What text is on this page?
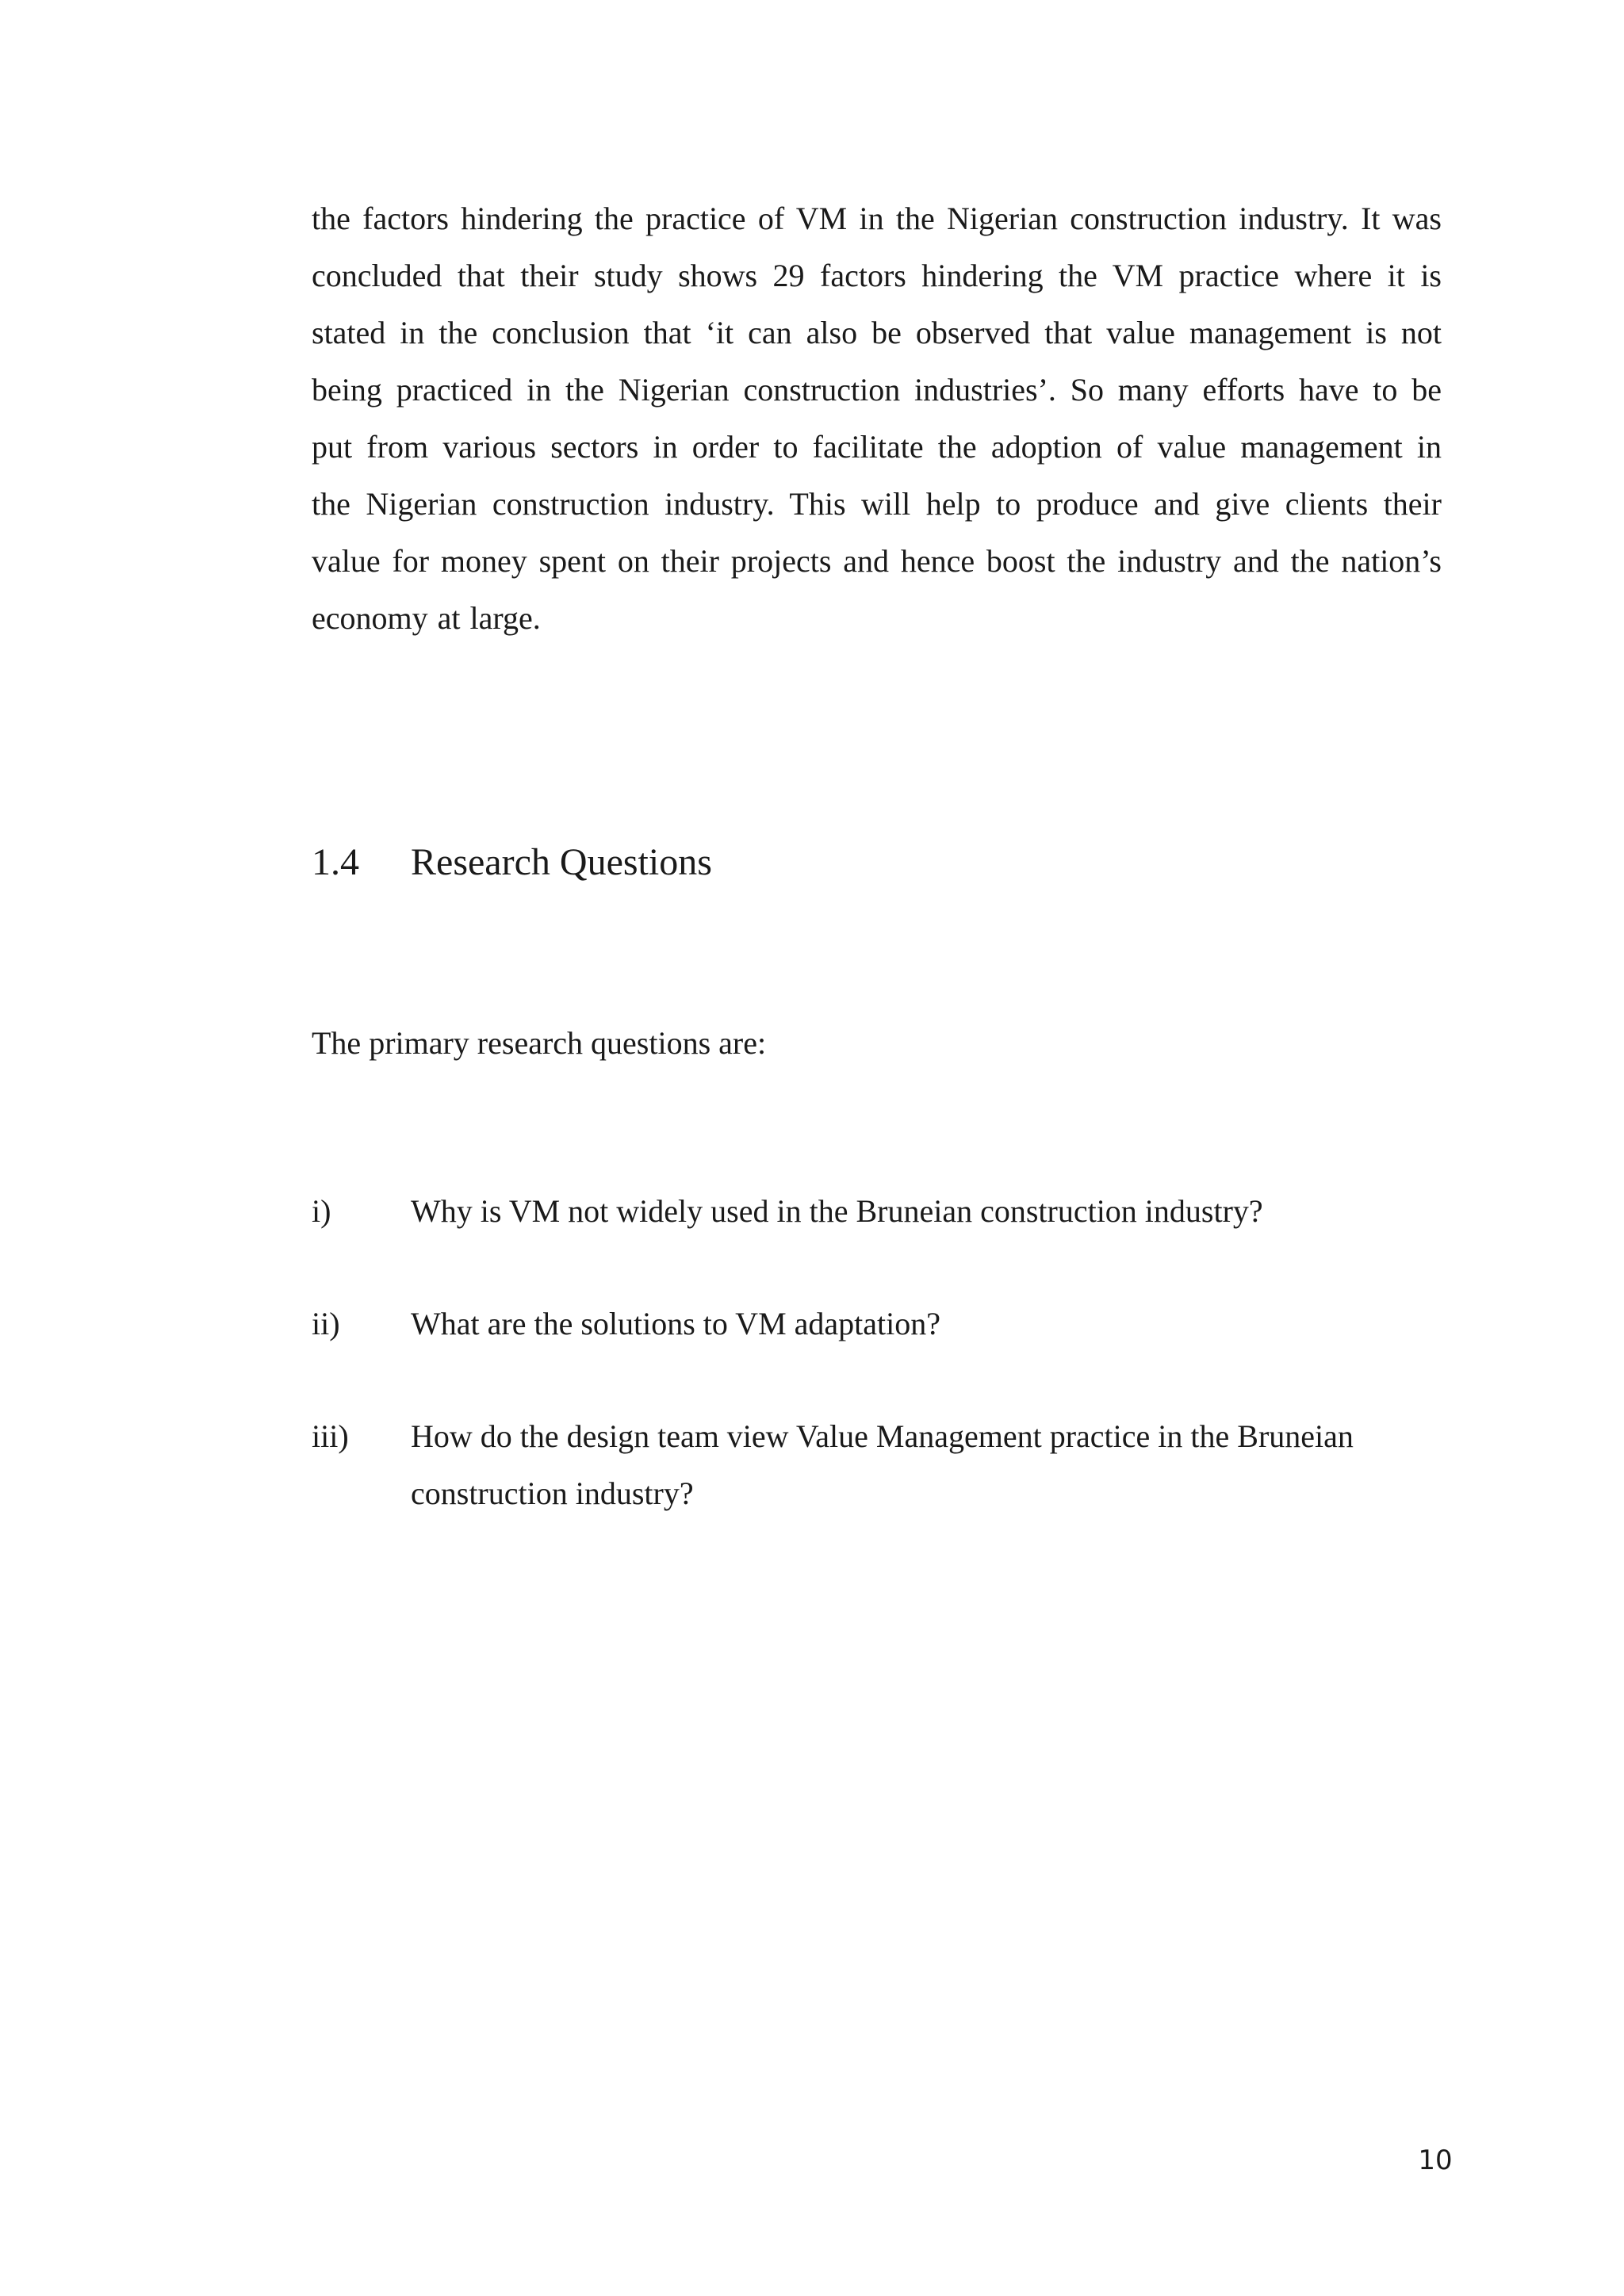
the factors hindering the practice of VM in the Nigerian construction industry. It was
concluded that their study shows 29 factors hindering the VM practice where it is
stated in the conclusion that ‘it can also be observed that value management is not
being practiced in the Nigerian construction industries’. So many efforts have to be
put from various sectors in order to facilitate the adoption of value management in
the Nigerian construction industry. This will help to produce and give clients their
value for money spent on their projects and hence boost the industry and the nation’s
economy at large.
1.4 Research Questions
The primary research questions are:
i)	Why is VM not widely used in the Bruneian construction industry?
ii) What are the solutions to VM adaptation?
iii) How do the design team view Value Management practice in the Bruneian
construction industry?
10
